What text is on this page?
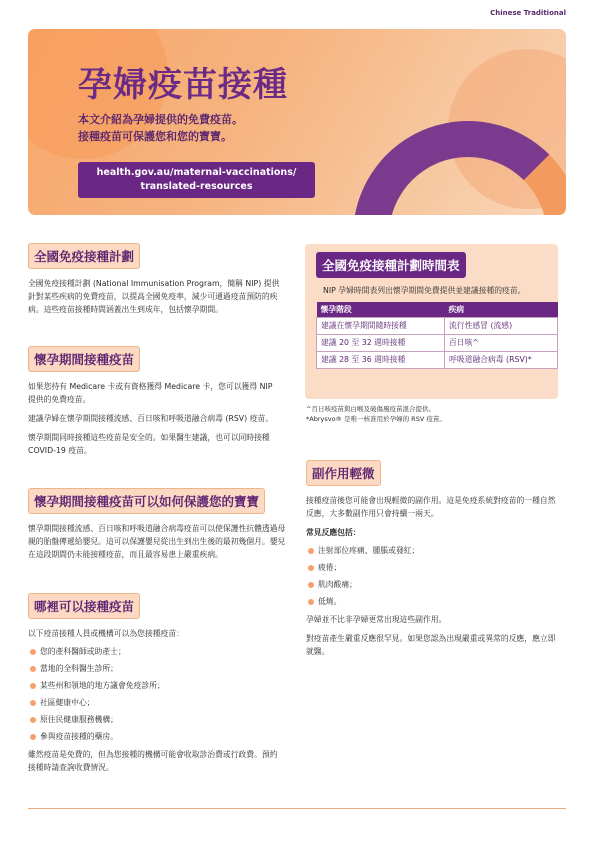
Chinese Traditional
孕婦疫苗接種
本文介紹為孕婦提供的免費疫苗。
接種疫苗可保護您和您的寶寶。
health.gov.au/maternal-vaccinations/
translated-resources
全國免疫接種計劃

全國免疫接種計劃 (National Immunisation Program，簡稱 NIP) 提供針對某些疾病的免費疫苗，以提高全國免疫率，減少可通過疫苗預防的疾病。這些疫苗接種時間涵蓋出生到成年，包括懷孕期間。

懷孕期間接種疫苗

如果您持有 Medicare 卡或有資格獲得 Medicare 卡，您可以獲得 NIP 提供的免費疫苗。

建議孕婦在懷孕期間接種流感、百日咳和呼吸道融合病毒 (RSV) 疫苗。

懷孕期間同時接種這些疫苗是安全的。如果醫生建議，也可以同時接種 COVID-19 疫苗。

懷孕期間接種疫苗可以如何保護您的寶寶

懷孕期間接種流感、百日咳和呼吸道融合病毒疫苗可以使保護性抗體透過母親的胎盤傳遞給嬰兒。這可以保護嬰兒從出生到出生後的最初幾個月。嬰兒在這段期間仍未能接種疫苗，而且最容易患上嚴重疾病。

哪裡可以接種疫苗

以下疫苗接種人員或機構可以為您接種疫苗：

您的產科醫師或助產士；
當地的全科醫生診所；
某些州和領地的地方議會免疫診所；
社區健康中心；
原住民健康服務機構；
參與疫苗接種的藥房。

雖然疫苗是免費的，但為您接種的機構可能會收取診治費或行政費。預約接種時請查詢收費情況。

全國免疫接種計劃時間表
NIP 孕婦時間表列出懷孕期間免費提供並建議接種的疫苗。
懷孕階段	疾病
建議在懷孕期間隨時接種	流行性感冒 (流感)
建議 20 至 32 週時接種	百日咳^
建議 28 至 36 週時接種	呼吸道融合病毒 (RSV)*

^百日咳疫苗與白喉及破傷風疫苗混合提供。

*Abrysvo® 是唯一核准用於孕婦的 RSV 疫苗。

副作用輕微

接種疫苗後您可能會出現輕微的副作用。這是免疫系統對疫苗的一種自然反應，大多數副作用只會持續一兩天。

常見反應包括：

注射部位疼痛、腫脹或發紅；
疲倦；
肌肉酸痛；
低燒。

孕婦並不比非孕婦更常出現這些副作用。

對疫苗產生嚴重反應很罕見。如果您認為出現嚴重或異常的反應，應立即就醫。
